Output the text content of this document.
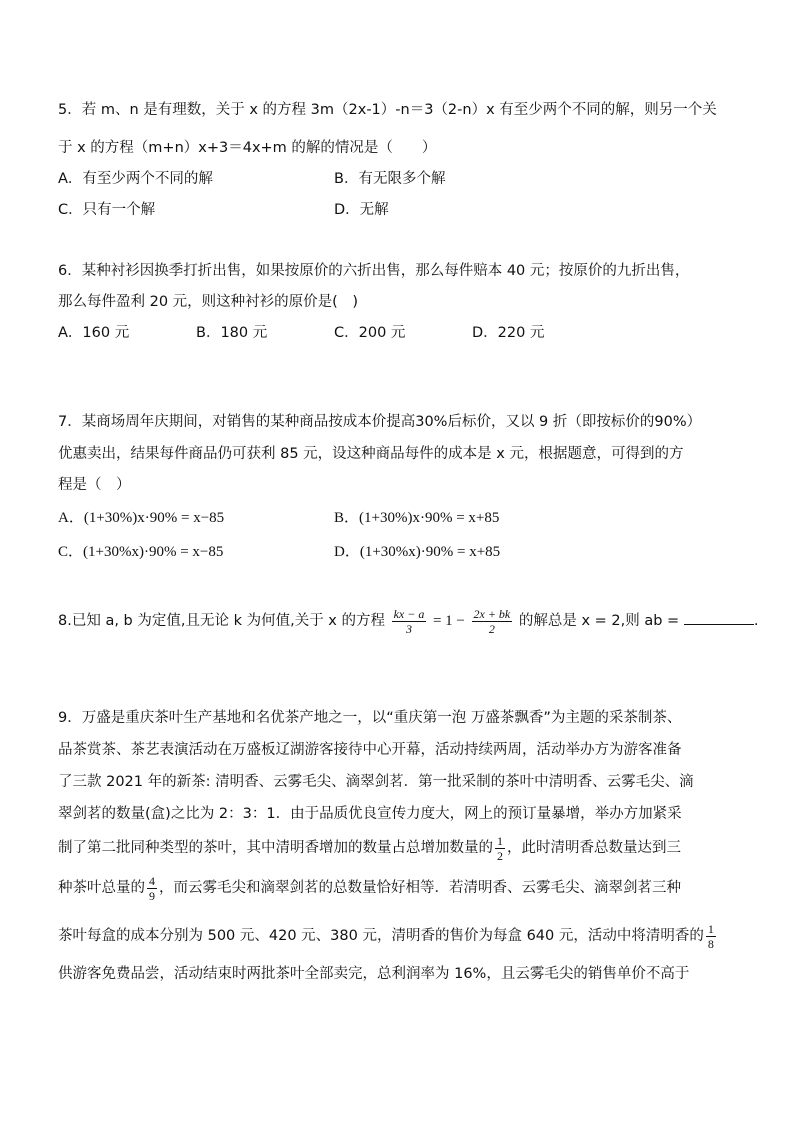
5．若 m、n 是有理数，关于 x 的方程 3m（2x-1）-n＝3（2-n）x 有至少两个不同的解，则另一个关
于 x 的方程（m+n）x+3＝4x+m 的解的情况是（　　）
A．有至少两个不同的解	B．有无限多个解
C．只有一个解	D．无解
6．某种衬衫因换季打折出售，如果按原价的六折出售，那么每件赔本 40 元；按原价的九折出售，
那么每件盈利 20 元，则这种衬衫的原价是(　)
A．160 元	B．180 元	C．200 元	D．220 元
7．某商场周年庆期间，对销售的某种商品按成本价提高30%后标价，又以 9 折（即按标价的90%）
优惠卖出，结果每件商品仍可获利 85 元，设这种商品每件的成本是 x 元，根据题意，可得到的方
程是（　）
A．(1+30%)x·90% = x−85	B．(1+30%)x·90% = x+85
C．(1+30%x)·90% = x−85	D．(1+30%x)·90% = x+85
8.已知 a, b 为定值,且无论 k 为何值,关于 x 的方程 $\frac{kx - a}{3} = 1 - \frac{2x + bk}{2}$ 的解总是 x = 2,则 ab =	.
9．万盛是重庆茶叶生产基地和名优茶产地之一，以“重庆第一泡 万盛茶飘香”为主题的采茶制茶、
品茶赏茶、茶艺表演活动在万盛板辽湖游客接待中心开幕，活动持续两周，活动举办方为游客准备
了三款 2021 年的新茶: 清明香、云雾毛尖、滴翠剑茗．第一批采制的茶叶中清明香、云雾毛尖、滴
翠剑茗的数量(盒)之比为 2：3：1．由于品质优良宣传力度大，网上的预订量暴增，举办方加紧采
制了第二批同种类型的茶叶，其中清明香增加的数量占总增加数量的 $\frac{1}{2}$ ，此时清明香总数量达到三
种茶叶总量的 $\frac{4}{9}$ ，而云雾毛尖和滴翠剑茗的总数量恰好相等．若清明香、云雾毛尖、滴翠剑茗三种
茶叶每盒的成本分别为 500 元、420 元、380 元，清明香的售价为每盒 640 元，活动中将清明香的 $\frac{1}{8}$
供游客免费品尝，活动结束时两批茶叶全部卖完，总利润率为 16%，且云雾毛尖的销售单价不高于
